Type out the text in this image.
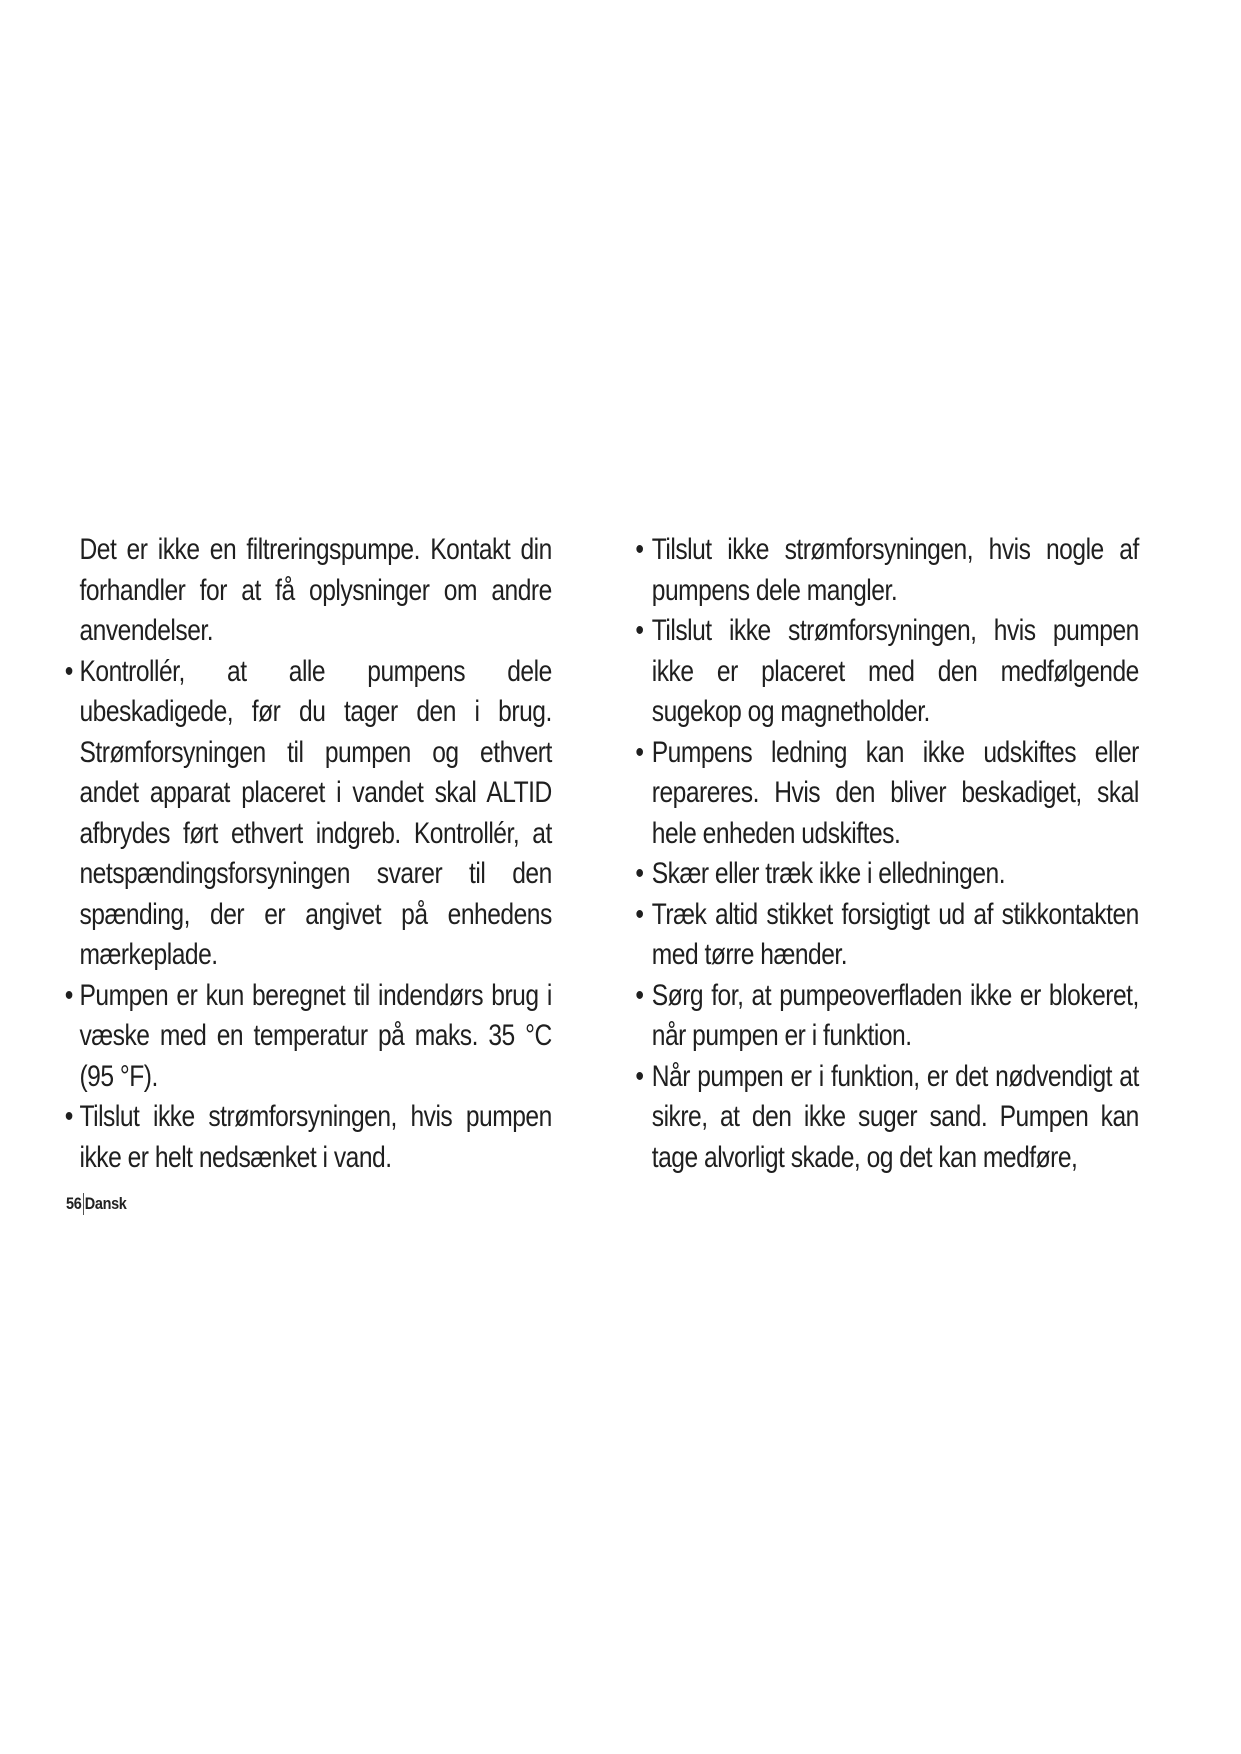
Det er ikke en filtreringspumpe. Kontakt din forhandler for at få oplysninger om andre anvendelser.

• Kontrollér, at alle pumpens dele ubeskadigede, før du tager den i brug. Strømforsyningen til pumpen og ethvert andet apparat placeret i vandet skal ALTID afbrydes ført ethvert indgreb. Kontrollér, at netspændingsforsyningen svarer til den spænding, der er angivet på enhedens mærkeplade.

• Pumpen er kun beregnet til indendørs brug i væske med en temperatur på maks. 35 °C (95 °F).

• Tilslut ikke strømforsyningen, hvis pumpen ikke er helt nedsænket i vand.

• Tilslut ikke strømforsyningen, hvis nogle af pumpens dele mangler.

• Tilslut ikke strømforsyningen, hvis pumpen ikke er placeret med den medfølgende sugekop og magnetholder.

• Pumpens ledning kan ikke udskiftes eller repareres. Hvis den bliver beskadiget, skal hele enheden udskiftes.

• Skær eller træk ikke i elledningen.

• Træk altid stikket forsigtigt ud af stikkontakten med tørre hænder.

• Sørg for, at pumpeoverfladen ikke er blokeret, når pumpen er i funktion.

• Når pumpen er i funktion, er det nødvendigt at sikre, at den ikke suger sand. Pumpen kan tage alvorligt skade, og det kan medføre,

56 Dansk
